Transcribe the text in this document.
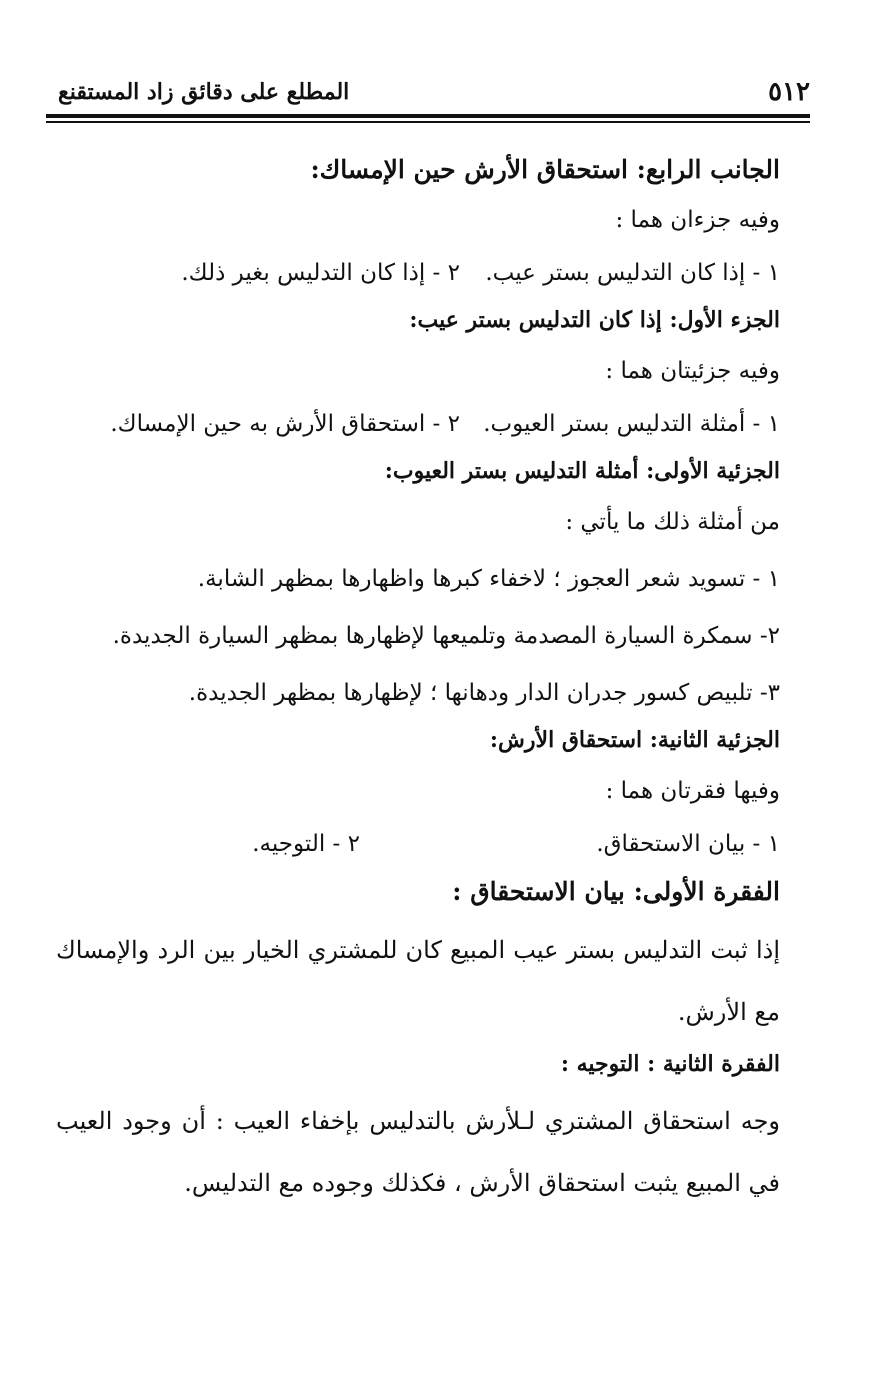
٥١٢
المطلع على دقائق زاد المستقنع
الجانب الرابع: استحقاق الأرش حين الإمساك:
وفيه جزءان هما :
١ - إذا كان التدليس بستر عيب.
٢ - إذا كان التدليس بغير ذلك.
الجزء الأول: إذا كان التدليس بستر عيب:
وفيه جزئيتان هما :
١ - أمثلة التدليس بستر العيوب.
٢ - استحقاق الأرش به حين الإمساك.
الجزئية الأولى: أمثلة التدليس بستر العيوب:
من أمثلة ذلك ما يأتي :
١ - تسويد شعر العجوز ؛ لاخفاء كبرها واظهارها بمظهر الشابة.
٢- سمكرة السيارة المصدمة وتلميعها لإظهارها بمظهر السيارة الجديدة.
٣- تلبيص كسور جدران الدار ودهانها ؛ لإظهارها بمظهر الجديدة.
الجزئية الثانية: استحقاق الأرش:
وفيها فقرتان هما :
١ - بيان الاستحقاق.
٢ - التوجيه.
الفقرة الأولى: بيان الاستحقاق :
إذا ثبت التدليس بستر عيب المبيع كان للمشتري الخيار بين الرد والإمساك مع الأرش.
الفقرة الثانية : التوجيه :
وجه استحقاق المشتري لـلأرش بالتدليس بإخفاء العيب : أن وجود العيب في المبيع يثبت استحقاق الأرش ، فكذلك وجوده مع التدليس.
